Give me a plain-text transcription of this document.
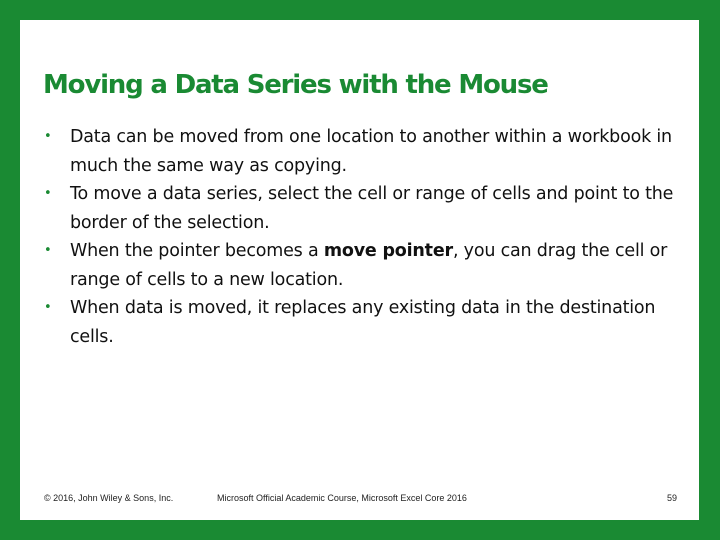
Moving a Data Series with the Mouse
•	Data can be moved from one location to another within a workbook in much the same way as copying.
•	To move a data series, select the cell or range of cells and point to the border of the selection.
•	When the pointer becomes a move pointer, you can drag the cell or range of cells to a new location.
•	When data is moved, it replaces any existing data in the destination cells.
© 2016, John Wiley & Sons, Inc.	Microsoft Official Academic Course, Microsoft Excel Core 2016	59
